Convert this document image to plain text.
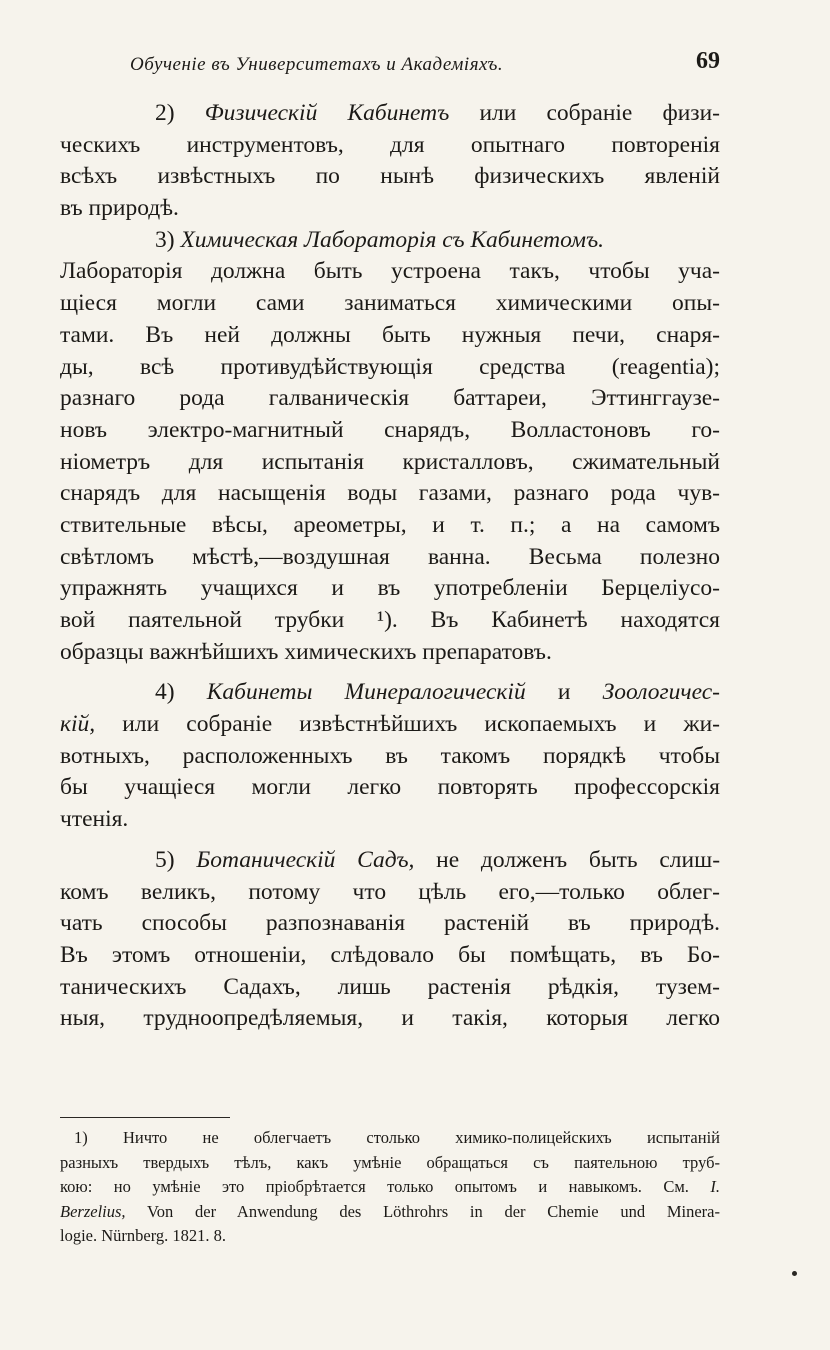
Обученіе въ Университетахъ и Академіяхъ.	69
2) Физическій Кабинетъ или собраніе физи-
ческихъ инструментовъ, для опытнаго повторенія
всѣхъ извѣстныхъ по нынѣ физическихъ явленій
въ природѣ.
3) Химическая Лабораторія съ Кабинетомъ.
Лабораторія должна быть устроена такъ, чтобы уча-
щіеся могли сами заниматься химическими опы-
тами. Въ ней должны быть нужныя печи, снаря-
ды, всѣ противудѣйствующія средства (reagentia);
разнаго рода галваническія баттареи, Эттинггаузе-
новъ электро-магнитный снарядъ, Волластоновъ го-
ніометръ для испытанія кристалловъ, сжимательный
снарядъ для насыщенія воды газами, разнаго рода чув-
ствительные вѣсы, ареометры, и т. п.; а на самомъ
свѣтломъ мѣстѣ,—воздушная ванна. Весьма полезно
упражнять учащихся и въ употребленіи Берцеліусо-
вой паятельной трубки ¹). Въ Кабинетѣ находятся
образцы важнѣйшихъ химическихъ препаратовъ.
4) Кабинеты Минералогическій и Зоологичес-
кій, или собраніе извѣстнѣйшихъ ископаемыхъ и жи-
вотныхъ, расположенныхъ въ такомъ порядкѣ чтобы
бы учащіеся могли легко повторять профессорскія
чтенія.
5) Ботаническій Садъ, не долженъ быть слиш-
комъ великъ, потому что цѣль его,—только облег-
чать способы разпознаванія растеній въ природѣ.
Въ этомъ отношеніи, слѣдовало бы помѣщать, въ Бо-
таническихъ Садахъ, лишь растенія рѣдкія, тузем-
ныя, трудноопредѣляемыя, и такія, которыя легко
1) Ничто не облегчаетъ столько химико-полицейскихъ испытаній
разныхъ твердыхъ тѣлъ, какъ умѣніе обращаться съ паятельною труб-
кою: но умѣніе это пріобрѣтается только опытомъ и навыкомъ. См. I.
Berzelius, Von der Anwendung des Löthrohrs in der Chemie und Minera-
logie. Nürnberg. 1821. 8.
